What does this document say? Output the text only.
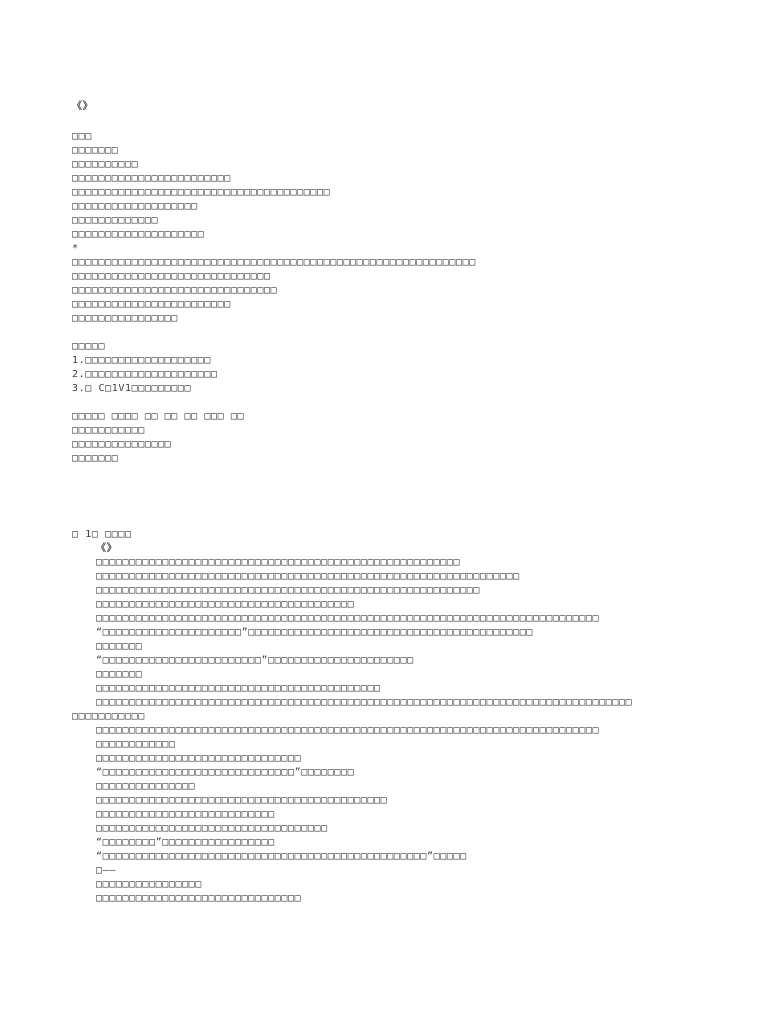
《》
□□□
□□□□□□□
□□□□□□□□□□
□□□□□□□□□□□□□□□□□□□□□□□□
□□□□□□□□□□□□□□□□□□□□□□□□□□□□□□□□□□□□□□□
□□□□□□□□□□□□□□□□□□□
□□□□□□□□□□□□□
□□□□□□□□□□□□□□□□□□□□
*
□□□□□□□□□□□□□□□□□□□□□□□□□□□□□□□□□□□□□□□□□□□□□□□□□□□□□□□□□□□□□
□□□□□□□□□□□□□□□□□□□□□□□□□□□□□□
□□□□□□□□□□□□□□□□□□□□□□□□□□□□□□□
□□□□□□□□□□□□□□□□□□□□□□□□
□□□□□□□□□□□□□□□□
□□□□□
1.□□□□□□□□□□□□□□□□□□□
2.□□□□□□□□□□□□□□□□□□□□
3.□ C□1V1□□□□□□□□□
□□□□□ □□□□ □□ □□ □□ □□□ □□
□□□□□□□□□□□
□□□□□□□□□□□□□□□
□□□□□□□
□ 1□ □□□□
《》
□□□□□□□□□□□□□□□□□□□□□□□□□□□□□□□□□□□□□□□□□□□□□□□□□□□□□□□
□□□□□□□□□□□□□□□□□□□□□□□□□□□□□□□□□□□□□□□□□□□□□□□□□□□□□□□□□□□□□□□□
□□□□□□□□□□□□□□□□□□□□□□□□□□□□□□□□□□□□□□□□□□□□□□□□□□□□□□□□□□
□□□□□□□□□□□□□□□□□□□□□□□□□□□□□□□□□□□□□□□
□□□□□□□□□□□□□□□□□□□□□□□□□□□□□□□□□□□□□□□□□□□□□□□□□□□□□□□□□□□□□□□□□□□□□□□□□□□□
“□□□□□□□□□□□□□□□□□□□□□”□□□□□□□□□□□□□□□□□□□□□□□□□□□□□□□□□□□□□□□□□□□
□□□□□□□
“□□□□□□□□□□□□□□□□□□□□□□□□”□□□□□□□□□□□□□□□□□□□□□□
□□□□□□□
□□□□□□□□□□□□□□□□□□□□□□□□□□□□□□□□□□□□□□□□□□□
□□□□□□□□□□□□□□□□□□□□□□□□□□□□□□□□□□□□□□□□□□□□□□□□□□□□□□□□□□□□□□□□□□□□□□□□□□□□□□□□□
□□□□□□□□□□□
□□□□□□□□□□□□□□□□□□□□□□□□□□□□□□□□□□□□□□□□□□□□□□□□□□□□□□□□□□□□□□□□□□□□□□□□□□□□
□□□□□□□□□□□□
□□□□□□□□□□□□□□□□□□□□□□□□□□□□□□□
“□□□□□□□□□□□□□□□□□□□□□□□□□□□□□”□□□□□□□□
□□□□□□□□□□□□□□□
□□□□□□□□□□□□□□□□□□□□□□□□□□□□□□□□□□□□□□□□□□□□
□□□□□□□□□□□□□□□□□□□□□□□□□□□
□□□□□□□□□□□□□□□□□□□□□□□□□□□□□□□□□□□
“□□□□□□□□”□□□□□□□□□□□□□□□□□
“□□□□□□□□□□□□□□□□□□□□□□□□□□□□□□□□□□□□□□□□□□□□□□□□□”□□□□□
□——
□□□□□□□□□□□□□□□□
□□□□□□□□□□□□□□□□□□□□□□□□□□□□□□□
